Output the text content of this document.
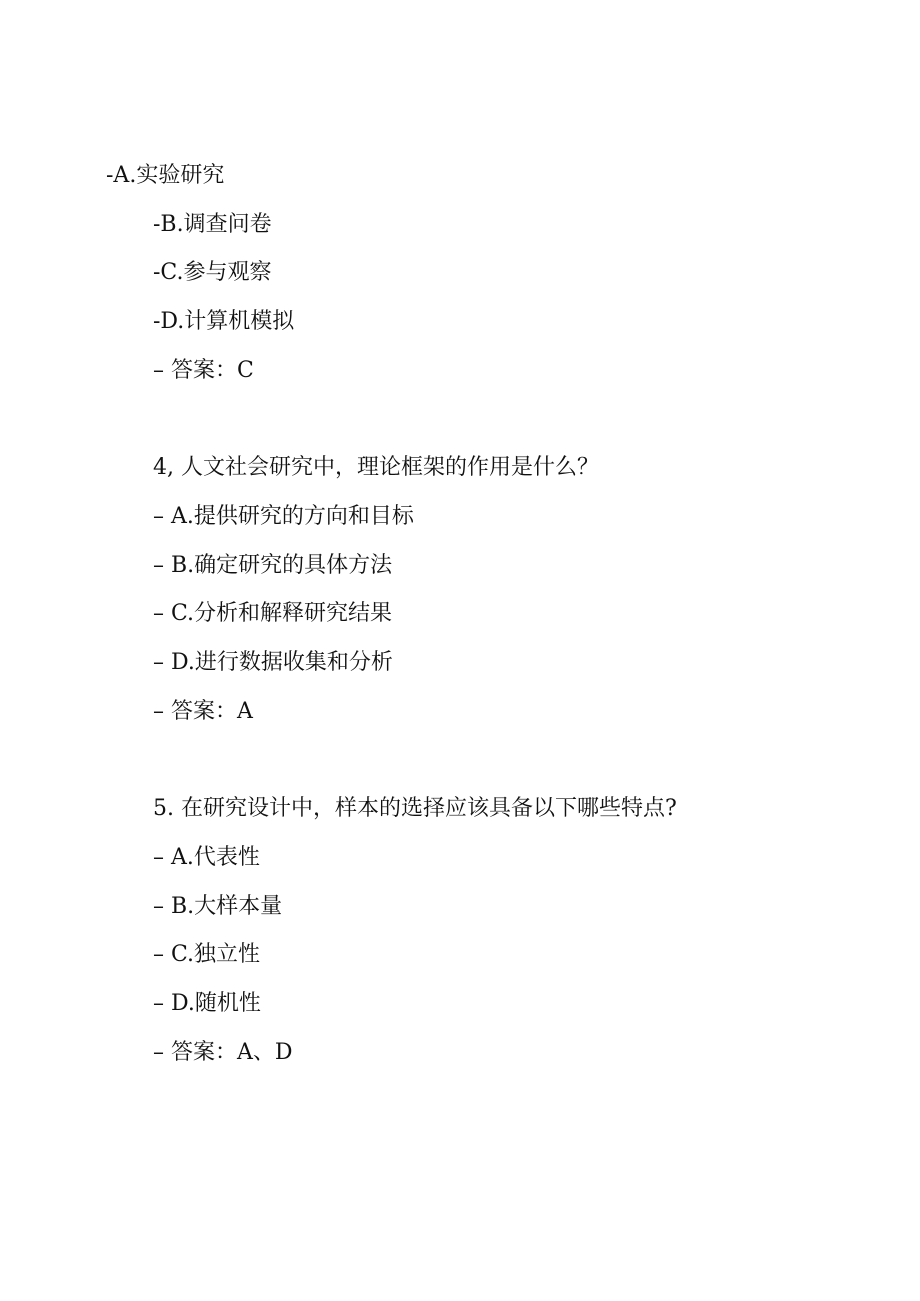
-A.实验研究
-B.调查问卷
-C.参与观察
-D.计算机模拟
– 答案：C
4, 人文社会研究中，理论框架的作用是什么？
– A.提供研究的方向和目标
– B.确定研究的具体方法
– C.分析和解释研究结果
– D.进行数据收集和分析
– 答案：A
5. 在研究设计中，样本的选择应该具备以下哪些特点?
– A.代表性
– B.大样本量
– C.独立性
– D.随机性
– 答案：A、D
